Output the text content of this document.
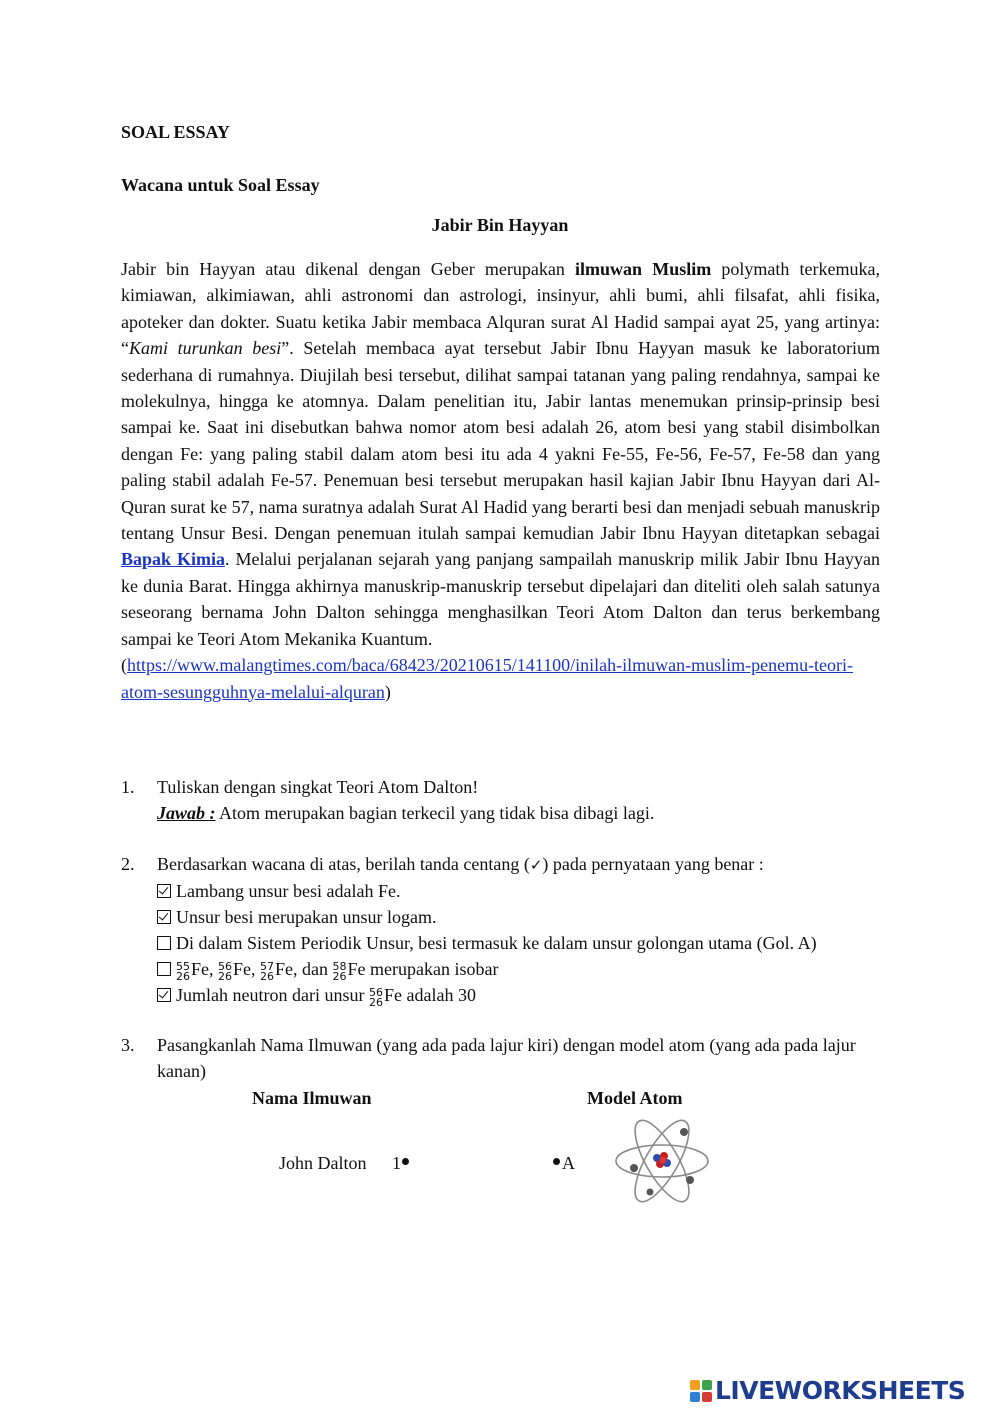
SOAL ESSAY
Wacana untuk Soal Essay
Jabir Bin Hayyan
Jabir bin Hayyan atau dikenal dengan Geber merupakan ilmuwan Muslim polymath terkemuka, kimiawan, alkimiawan, ahli astronomi dan astrologi, insinyur, ahli bumi, ahli filsafat, ahli fisika, apoteker dan dokter. Suatu ketika Jabir membaca Alquran surat Al Hadid sampai ayat 25, yang artinya: “Kami turunkan besi”. Setelah membaca ayat tersebut Jabir Ibnu Hayyan masuk ke laboratorium sederhana di rumahnya. Diujilah besi tersebut, dilihat sampai tatanan yang paling rendahnya, sampai ke molekulnya, hingga ke atomnya. Dalam penelitian itu, Jabir lantas menemukan prinsip-prinsip besi sampai ke. Saat ini disebutkan bahwa nomor atom besi adalah 26, atom besi yang stabil disimbolkan dengan Fe: yang paling stabil dalam atom besi itu ada 4 yakni Fe-55, Fe-56, Fe-57, Fe-58 dan yang paling stabil adalah Fe-57. Penemuan besi tersebut merupakan hasil kajian Jabir Ibnu Hayyan dari Al-Quran surat ke 57, nama suratnya adalah Surat Al Hadid yang berarti besi dan menjadi sebuah manuskrip tentang Unsur Besi. Dengan penemuan itulah sampai kemudian Jabir Ibnu Hayyan ditetapkan sebagai Bapak Kimia. Melalui perjalanan sejarah yang panjang sampailah manuskrip milik Jabir Ibnu Hayyan ke dunia Barat. Hingga akhirnya manuskrip-manuskrip tersebut dipelajari dan diteliti oleh salah satunya seseorang bernama John Dalton sehingga menghasilkan Teori Atom Dalton dan terus berkembang sampai ke Teori Atom Mekanika Kuantum.
(https://www.malangtimes.com/baca/68423/20210615/141100/inilah-ilmuwan-muslim-penemu-teori-atom-sesungguhnya-melalui-alquran)
1. Tuliskan dengan singkat Teori Atom Dalton!
Jawab : Atom merupakan bagian terkecil yang tidak bisa dibagi lagi.
2. Berdasarkan wacana di atas, berilah tanda centang (✓) pada pernyataan yang benar :
Lambang unsur besi adalah Fe.
Unsur besi merupakan unsur logam.
Di dalam Sistem Periodik Unsur, besi termasuk ke dalam unsur golongan utama (Gol. A)
55
26 Fe, 56
26 Fe, 57
26 Fe, dan 58
26 Fe merupakan isobar
Jumlah neutron dari unsur 56
26 Fe adalah 30
3. Pasangkanlah Nama Ilmuwan (yang ada pada lajur kiri) dengan model atom (yang ada pada lajur kanan)
Nama Ilmuwan	Model Atom
John Dalton 1	A
LIVEWORKSHEETS
